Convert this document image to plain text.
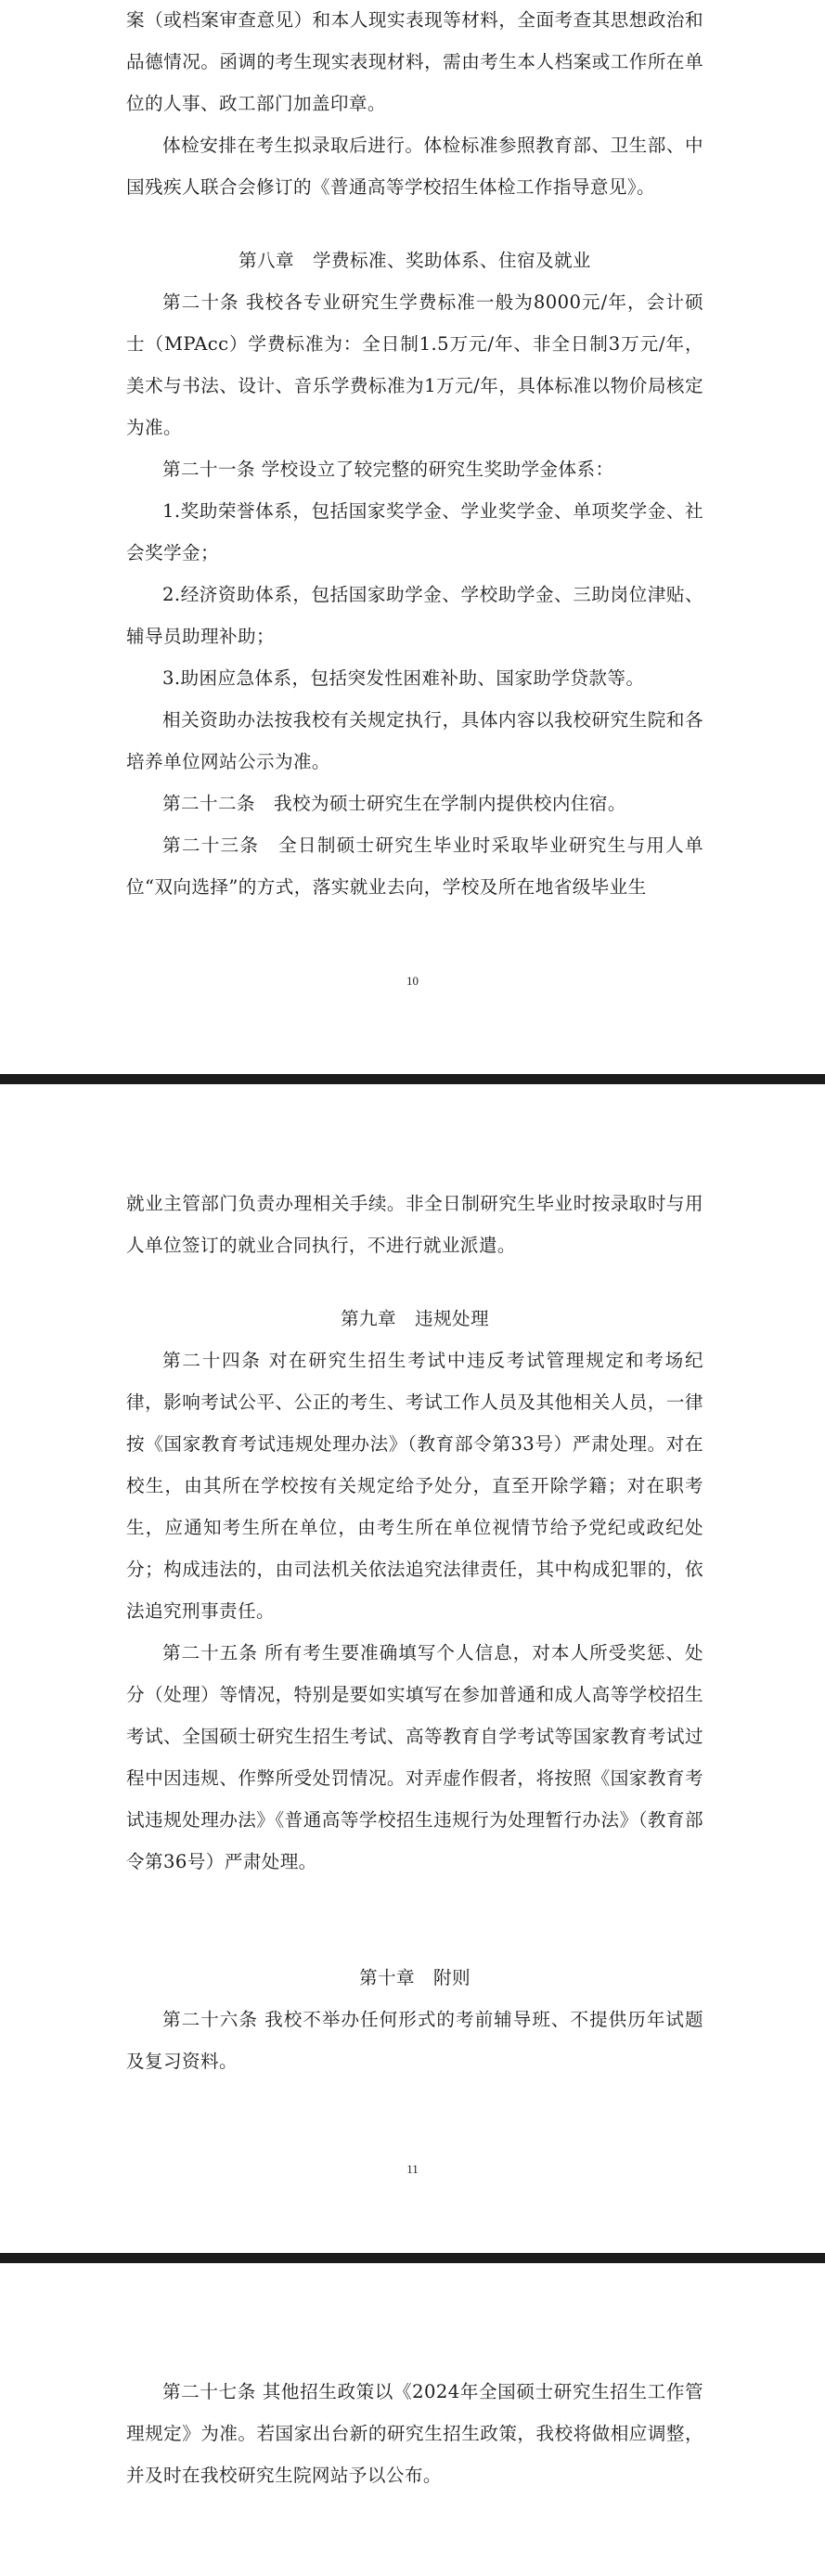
案（或档案审查意见）和本人现实表现等材料，全面考查其思想政治和品德情况。函调的考生现实表现材料，需由考生本人档案或工作所在单位的人事、政工部门加盖印章。

体检安排在考生拟录取后进行。体检标准参照教育部、卫生部、中国残疾人联合会修订的《普通高等学校招生体检工作指导意见》。

第八章　学费标准、奖助体系、住宿及就业

第二十条 我校各专业研究生学费标准一般为8000元/年，会计硕士（MPAcc）学费标准为：全日制1.5万元/年、非全日制3万元/年，美术与书法、设计、音乐学费标准为1万元/年，具体标准以物价局核定为准。

第二十一条 学校设立了较完整的研究生奖助学金体系：

1.奖助荣誉体系，包括国家奖学金、学业奖学金、单项奖学金、社会奖学金；

2.经济资助体系，包括国家助学金、学校助学金、三助岗位津贴、辅导员助理补助；

3.助困应急体系，包括突发性困难补助、国家助学贷款等。

相关资助办法按我校有关规定执行，具体内容以我校研究生院和各培养单位网站公示为准。

第二十二条　我校为硕士研究生在学制内提供校内住宿。

第二十三条　全日制硕士研究生毕业时采取毕业研究生与用人单位“双向选择”的方式，落实就业去向，学校及所在地省级毕业生

10

就业主管部门负责办理相关手续。非全日制研究生毕业时按录取时与用人单位签订的就业合同执行，不进行就业派遣。

第九章　违规处理

第二十四条 对在研究生招生考试中违反考试管理规定和考场纪律，影响考试公平、公正的考生、考试工作人员及其他相关人员，一律按《国家教育考试违规处理办法》（教育部令第33号）严肃处理。对在校生，由其所在学校按有关规定给予处分，直至开除学籍；对在职考生，应通知考生所在单位，由考生所在单位视情节给予党纪或政纪处分；构成违法的，由司法机关依法追究法律责任，其中构成犯罪的，依法追究刑事责任。

第二十五条 所有考生要准确填写个人信息，对本人所受奖惩、处分（处理）等情况，特别是要如实填写在参加普通和成人高等学校招生考试、全国硕士研究生招生考试、高等教育自学考试等国家教育考试过程中因违规、作弊所受处罚情况。对弄虚作假者，将按照《国家教育考试违规处理办法》《普通高等学校招生违规行为处理暂行办法》（教育部令第36号）严肃处理。

第十章　附则

第二十六条 我校不举办任何形式的考前辅导班、不提供历年试题及复习资料。

11

第二十七条 其他招生政策以《2024年全国硕士研究生招生工作管理规定》为准。若国家出台新的研究生招生政策，我校将做相应调整，并及时在我校研究生院网站予以公布。
